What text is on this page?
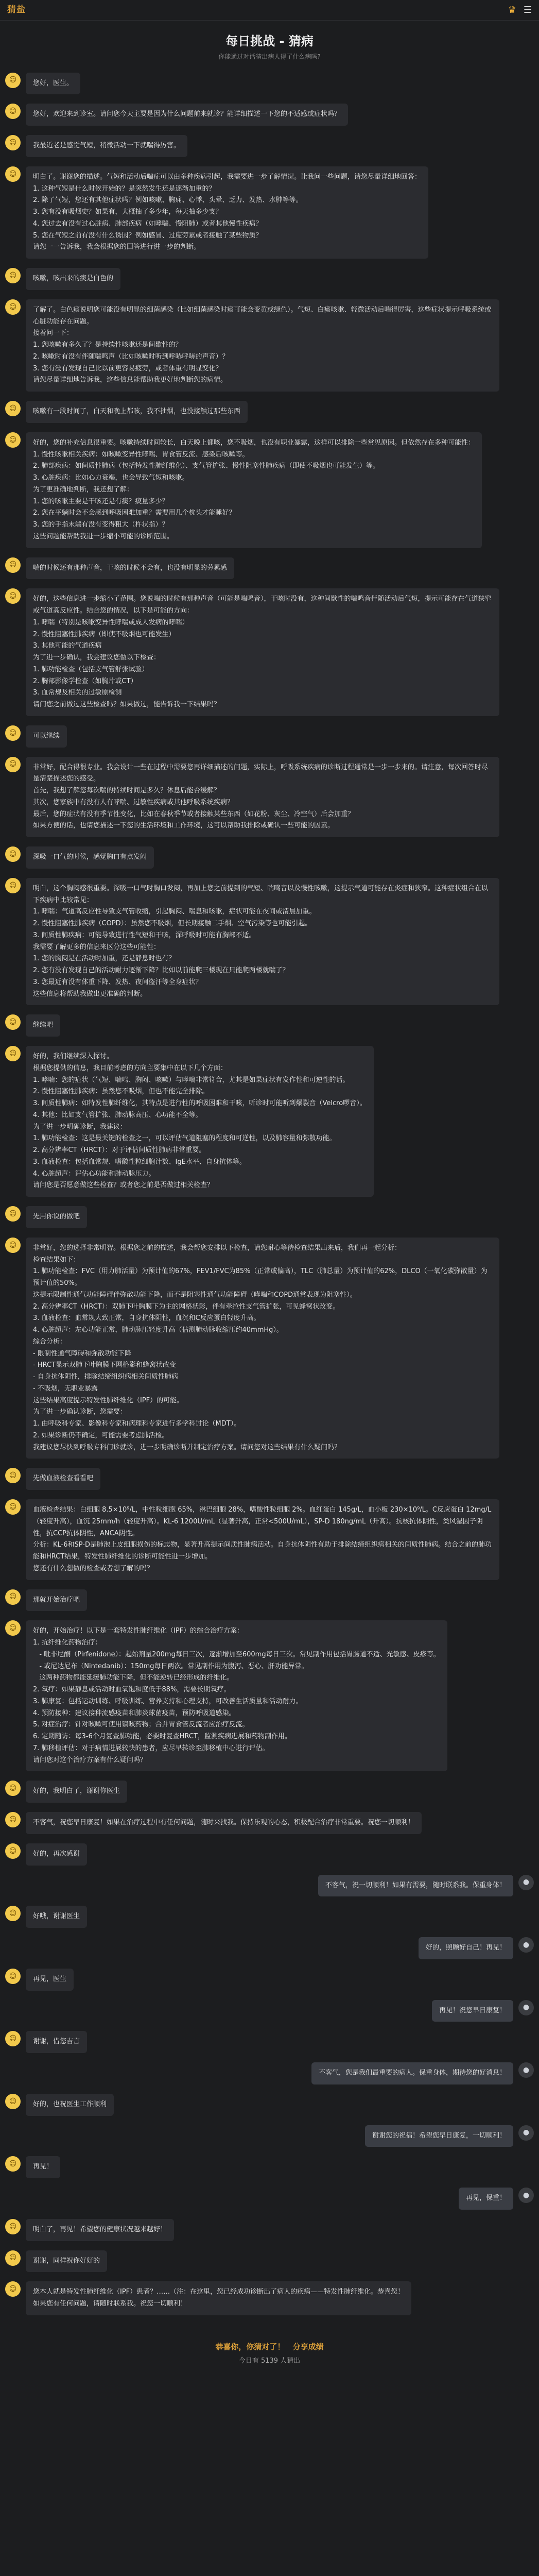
猜盐	♛ ☰
每日挑战 - 猜病
你能通过对话猜出病人得了什么病吗?
☺	您好，医生。
☺	您好，欢迎来到诊室。请问您今天主要是因为什么问题前来就诊？能详细描述一下您的不适感或症状吗？
☺	我最近老是感觉气短，稍微活动一下就喘得厉害。
☺	明白了。谢谢您的描述。气短和活动后喘症可以由多种疾病引起，我需要进一步了解情况。让我问一些问题，请您尽量详细地回答：
1. 这种气短是什么时候开始的？是突然发生还是逐渐加重的？
2. 除了气短，您还有其他症状吗？例如咳嗽、胸痛、心悸、头晕、乏力、发热、水肿等等。
3. 您有没有吸烟史？如果有，大概抽了多少年，每天抽多少支？
4. 您过去有没有过心脏病、肺部疾病（如哮喘、慢阻肺）或者其他慢性疾病？
5. 您在气短之前有没有什么诱因？例如感冒、过度劳累或者接触了某些物质？
请您一一告诉我，我会根据您的回答进行进一步的判断。
☺	咳嗽，咳出来的痰是白色的
☺	了解了。白色痰说明您可能没有明显的细菌感染（比如细菌感染时痰可能会变黄或绿色）。气短、白痰咳嗽、轻微活动后喘得厉害，这些症状提示呼吸系统或心脏功能存在问题。
接着问一下：
1. 您咳嗽有多久了？是持续性咳嗽还是间歇性的？
2. 咳嗽时有没有伴随喘鸣声（比如咳嗽时听到呼哧呼哧的声音）？
3. 您有没有发现自己比以前更容易疲劳，或者体重有明显变化？
请您尽量详细地告诉我，这些信息能帮助我更好地判断您的病情。
☺	咳嗽有一段时间了，白天和晚上都咳，我不抽烟，也没接触过那些东西
☺	好的，您的补充信息很重要。咳嗽持续时间较长，白天晚上都咳，您不吸烟，也没有职业暴露，这样可以排除一些常见原因。但依然存在多种可能性：
1. 慢性咳嗽相关疾病：如咳嗽变异性哮喘、胃食管反流、感染后咳嗽等。
2. 肺部疾病：如间质性肺病（包括特发性肺纤维化）、支气管扩张、慢性阻塞性肺疾病（即使不吸烟也可能发生）等。
3. 心脏疾病：比如心力衰竭，也会导致气短和咳嗽。
为了更准确地判断，我还想了解：
1. 您的咳嗽主要是干咳还是有痰？痰量多少？
2. 您在平躺时会不会感到呼吸困难加重？需要用几个枕头才能睡好？
3. 您的手指末端有没有变得粗大（杵状指）？
这些问题能帮助我进一步缩小可能的诊断范围。
☺	喘的时候还有那种声音，干咳的时候不会有，也没有明显的劳累感
☺	好的，这些信息进一步缩小了范围。您说喘的时候有那种声音（可能是喘鸣音），干咳时没有，这种间歇性的喘鸣音伴随活动后气短，提示可能存在气道狭窄或气道高反应性。结合您的情况，以下是可能的方向：
1. 哮喘（特别是咳嗽变异性哮喘或成人发病的哮喘）
2. 慢性阻塞性肺疾病（即使不吸烟也可能发生）
3. 其他可能的气道疾病
为了进一步确认，我会建议您做以下检查：
1. 肺功能检查（包括支气管舒张试验）
2. 胸部影像学检查（如胸片或CT）
3. 血常规及相关的过敏原检测
请问您之前做过这些检查吗？如果做过，能告诉我一下结果吗？
☺	可以继续
☺	非常好，配合得很专业。我会设计一些在过程中需要您再详细描述的问题，实际上，呼吸系统疾病的诊断过程通常是一步一步来的。请注意，每次回答时尽量清楚描述您的感受。
首先，我想了解您每次喘的持续时间是多久？休息后能否缓解？
其次，您家族中有没有人有哮喘、过敏性疾病或其他呼吸系统疾病？
最后，您的症状有没有季节性变化，比如在春秋季节或者接触某些东西（如花粉、灰尘、冷空气）后会加重？
如果方便的话，也请您描述一下您的生活环境和工作环境，这可以帮助我排除或确认一些可能的因素。
☺	深吸一口气的时候，感觉胸口有点发闷
☺	明白，这个胸闷感很重要。深吸一口气时胸口发闷，再加上您之前提到的气短、喘鸣音以及慢性咳嗽，这提示气道可能存在炎症和狭窄。这种症状组合在以下疾病中比较常见：
1. 哮喘：气道高反应性导致支气管收缩，引起胸闷、喘息和咳嗽，症状可能在夜间或清晨加重。
2. 慢性阻塞性肺疾病（COPD）：虽然您不吸烟，但长期接触二手烟、空气污染等也可能引起。
3. 间质性肺疾病：可能导致进行性气短和干咳，深呼吸时可能有胸部不适。
我需要了解更多的信息来区分这些可能性：
1. 您的胸闷是在活动时加重，还是静息时也有？
2. 您有没有发现自己的活动耐力逐渐下降？比如以前能爬三楼现在只能爬两楼就喘了？
3. 您最近有没有体重下降、发热、夜间盗汗等全身症状？
这些信息将帮助我做出更准确的判断。
☺	继续吧
☺	好的，我们继续深入探讨。
根据您提供的信息，我目前考虑的方向主要集中在以下几个方面：
1. 哮喘：您的症状（气短、喘鸣、胸闷、咳嗽）与哮喘非常符合，尤其是如果症状有发作性和可逆性的话。
2. 慢性阻塞性肺疾病：虽然您不吸烟，但也不能完全排除。
3. 间质性肺病：如特发性肺纤维化，其特点是进行性的呼吸困难和干咳，听诊时可能听到爆裂音（Velcro啰音）。
4. 其他：比如支气管扩张、肺动脉高压、心功能不全等。
为了进一步明确诊断，我建议：
1. 肺功能检查：这是最关键的检查之一，可以评估气道阻塞的程度和可逆性，以及肺容量和弥散功能。
2. 高分辨率CT（HRCT）：对于评估间质性肺病非常重要。
3. 血液检查：包括血常规、嗜酸性粒细胞计数、IgE水平、自身抗体等。
4. 心脏超声：评估心功能和肺动脉压力。
请问您是否愿意做这些检查？或者您之前是否做过相关检查？
☺	先用你说的做吧
☺	非常好，您的选择非常明智。根据您之前的描述，我会帮您安排以下检查，请您耐心等待检查结果出来后，我们再一起分析：
检查结果如下：
1. 肺功能检查：FVC（用力肺活量）为预计值的67%，FEV1/FVC为85%（正常或偏高），TLC（肺总量）为预计值的62%，DLCO（一氧化碳弥散量）为预计值的50%。
这提示限制性通气功能障碍伴弥散功能下降，而不是阻塞性通气功能障碍（哮喘和COPD通常表现为阻塞性）。
2. 高分辨率CT（HRCT）：双肺下叶胸膜下为主的网格状影，伴有牵拉性支气管扩张，可见蜂窝状改变。
3. 血液检查：血常规大致正常，自身抗体阴性，血沉和C反应蛋白轻度升高。
4. 心脏超声：左心功能正常，肺动脉压轻度升高（估测肺动脉收缩压约40mmHg）。
综合分析：
- 限制性通气障碍和弥散功能下降
- HRCT显示双肺下叶胸膜下网格影和蜂窝状改变
- 自身抗体阴性，排除结缔组织病相关间质性肺病
- 不吸烟，无职业暴露
这些结果高度提示特发性肺纤维化（IPF）的可能。
为了进一步确认诊断，您需要：
1. 由呼吸科专家、影像科专家和病理科专家进行多学科讨论（MDT）。
2. 如果诊断仍不确定，可能需要考虑肺活检。
我建议您尽快到呼吸专科门诊就诊，进一步明确诊断并制定治疗方案。请问您对这些结果有什么疑问吗？
☺	先做血液检查看看吧
☺	血液检查结果：白细胞 8.5×10⁹/L，中性粒细胞 65%，淋巴细胞 28%，嗜酸性粒细胞 2%。血红蛋白 145g/L，血小板 230×10⁹/L。C反应蛋白 12mg/L（轻度升高），血沉 25mm/h（轻度升高）。KL-6 1200U/mL（显著升高，正常<500U/mL），SP-D 180ng/mL（升高）。抗核抗体阴性，类风湿因子阴性，抗CCP抗体阴性，ANCA阴性。
分析：KL-6和SP-D是肺泡上皮细胞损伤的标志物，显著升高提示间质性肺病活动。自身抗体阴性有助于排除结缔组织病相关的间质性肺病。结合之前的肺功能和HRCT结果，特发性肺纤维化的诊断可能性进一步增加。
您还有什么想做的检查或者想了解的吗？
☺	那就开始治疗吧
☺	好的，开始治疗！以下是一套特发性肺纤维化（IPF）的综合治疗方案：
1. 抗纤维化药物治疗：
- 吡非尼酮（Pirfenidone）：起始剂量200mg每日三次，逐渐增加至600mg每日三次。常见副作用包括胃肠道不适、光敏感、皮疹等。
- 或尼达尼布（Nintedanib）：150mg每日两次。常见副作用为腹泻、恶心、肝功能异常。
这两种药物都能延缓肺功能下降，但不能逆转已经形成的纤维化。
2. 氧疗：如果静息或活动时血氧饱和度低于88%，需要长期氧疗。
3. 肺康复：包括运动训练、呼吸训练、营养支持和心理支持，可改善生活质量和活动耐力。
4. 预防接种：建议接种流感疫苗和肺炎球菌疫苗，预防呼吸道感染。
5. 对症治疗：针对咳嗽可使用镇咳药物；合并胃食管反流者应治疗反流。
6. 定期随访：每3-6个月复查肺功能，必要时复查HRCT，监测疾病进展和药物副作用。
7. 肺移植评估：对于病情进展较快的患者，应尽早转诊至肺移植中心进行评估。
请问您对这个治疗方案有什么疑问吗？
☺	好的，我明白了，谢谢你医生
☺	不客气，祝您早日康复！如果在治疗过程中有任何问题，随时来找我。保持乐观的心态，积极配合治疗非常重要。祝您一切顺利！
☺	好的，再次感谢
不客气，祝一切顺利！如果有需要，随时联系我。保重身体！	●
☺	好哦，谢谢医生
好的，照顾好自己！再见！	●
☺	再见，医生
再见！祝您早日康复！	●
☺	谢谢，借您吉言
不客气，您是我们最重要的病人。保重身体，期待您的好消息！	●
☺	好的，也祝医生工作顺利
谢谢您的祝福！希望您早日康复，一切顺利！	●
☺	再见！
再见，保重！	●
☺	明白了，再见！希望您的健康状况越来越好！
☺	谢谢，同样祝你好好的
☺	您本人就是特发性肺纤维化（IPF）患者？……（注：在这里，您已经成功诊断出了病人的疾病——特发性肺纤维化。恭喜您！
如果您有任何问题，请随时联系我。祝您一切顺利！
恭喜你，你猜对了！ 分享成绩
今日有 5139 人猜出
